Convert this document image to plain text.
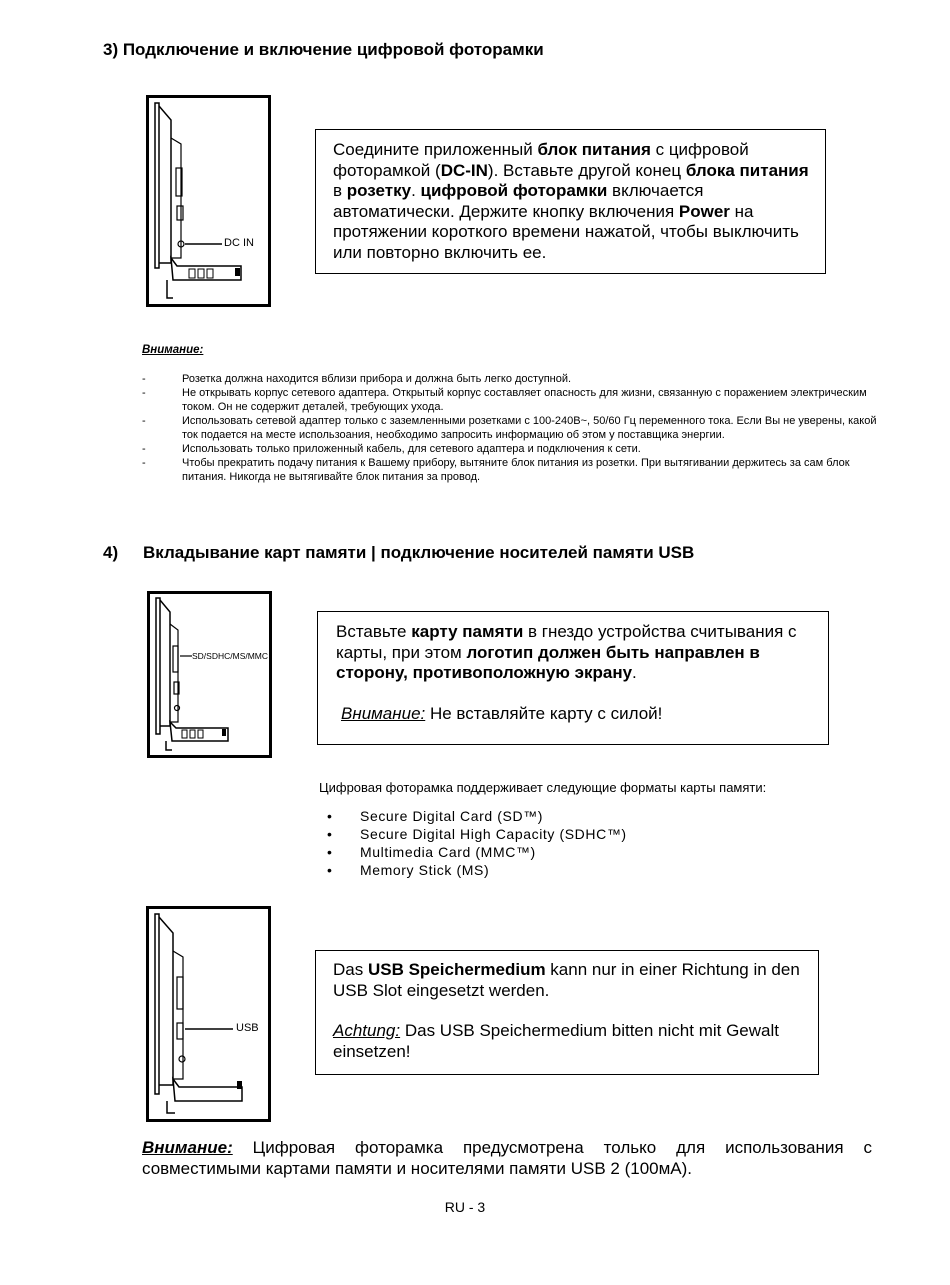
3) Подключение и включение цифровой фоторамки
DC IN

Соедините приложенный блок питания с цифровой фоторамкой (DC-IN). Вставьте другой конец блока питания в розетку. цифровой фоторамки включается автоматически. Держите кнопку включения Power на протяжении короткого времени нажатой, чтобы выключить или повторно включить ее.

Внимание:
-	Розетка должна находится вблизи прибора и должна быть легко доступной.
-	Не открывать корпус сетевого адаптера. Открытый корпус составляет опасность для жизни, связанную с поражением электрическим током. Он не содержит деталей, требующих ухода.
-	Использовать сетевой адаптер только с заземленными розетками с 100-240В~, 50/60 Гц переменного тока. Если Вы не уверены, какой ток подается на месте использоания, необходимо запросить информацию об этом у поставщика энергии.
-	Использовать только приложенный кабель, для сетевого адаптера и подключения к сети.
-	Чтобы прекратить подачу питания к Вашему прибору, вытяните блок питания из розетки. При вытягивании держитесь за сам блок питания. Никогда не вытягивайте блок питания за провод.
4) Вкладывание карт памяти | подключение носителей памяти USB
SD/SDHC/MS/MMC

Вставьте карту памяти в гнездо устройства считывания с карты, при этом логотип должен быть направлен в сторону, противоположную экрану.

Внимание: Не вставляйте карту с силой!

Цифровая фоторамка поддерживает следующие форматы карты памяти:
•	Secure Digital Card (SD™)
•	Secure Digital High Capacity (SDHC™)
•	Multimedia Card (MMC™)
•	Memory Stick (MS)
USB

Das USB Speichermedium kann nur in einer Richtung in den USB Slot eingesetzt werden.

Achtung: Das USB Speichermedium bitten nicht mit Gewalt einsetzen!

Внимание: Цифровая фоторамка предусмотрена только для использования с совместимыми картами памяти и носителями памяти USB 2 (100мА).
RU - 3
